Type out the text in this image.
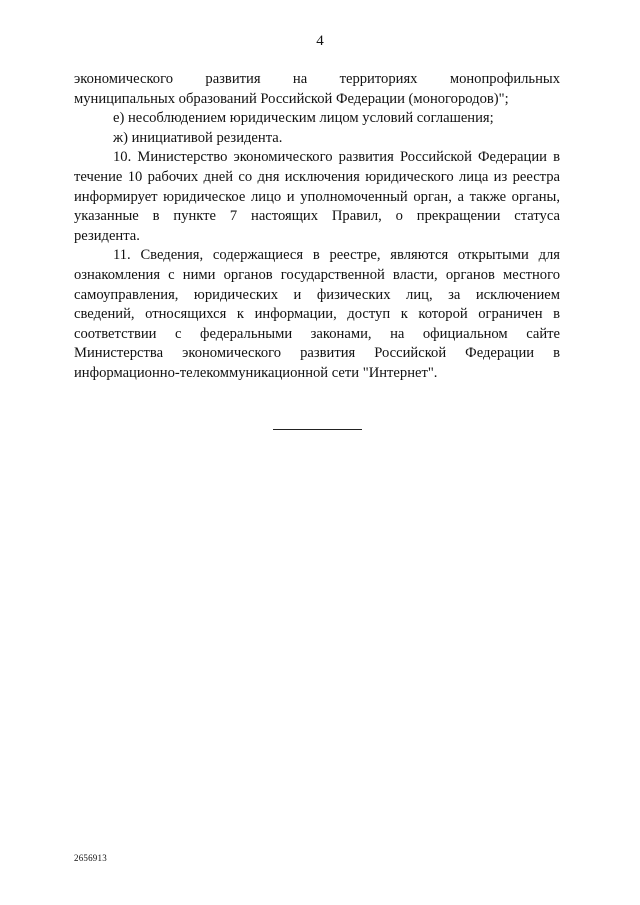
4
экономического развития на территориях монопрофильных
муниципальных образований Российской Федерации (моногородов)";
е) несоблюдением юридическим лицом условий соглашения;
ж) инициативой резидента.
10. Министерство экономического развития Российской Федерации в
течение 10 рабочих дней со дня исключения юридического лица из реестра
информирует юридическое лицо и уполномоченный орган, а также органы,
указанные в пункте 7 настоящих Правил, о прекращении статуса
резидента.
11. Сведения, содержащиеся в реестре, являются открытыми для
ознакомления с ними органов государственной власти, органов местного
самоуправления, юридических и физических лиц, за исключением
сведений, относящихся к информации, доступ к которой ограничен в
соответствии с федеральными законами, на официальном сайте
Министерства экономического развития Российской Федерации в
информационно-телекоммуникационной сети "Интернет".
2656913
